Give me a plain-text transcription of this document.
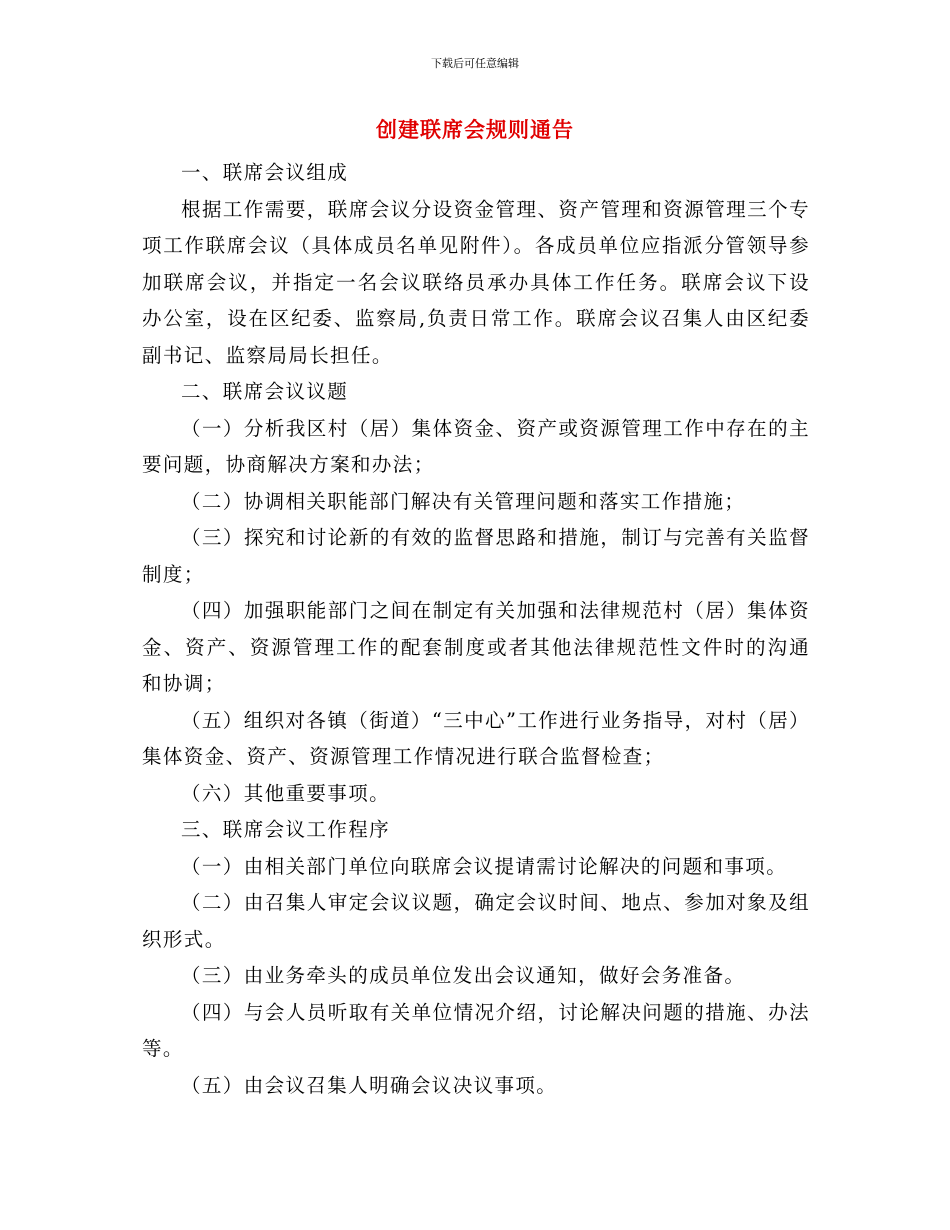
下载后可任意编辑
创建联席会规则通告

一、联席会议组成

根据工作需要，联席会议分设资金管理、资产管理和资源管理三个专项工作联席会议（具体成员名单见附件）。各成员单位应指派分管领导参加联席会议，并指定一名会议联络员承办具体工作任务。联席会议下设办公室，设在区纪委、监察局,负责日常工作。联席会议召集人由区纪委副书记、监察局局长担任。

二、联席会议议题

（一）分析我区村（居）集体资金、资产或资源管理工作中存在的主要问题，协商解决方案和办法；

（二）协调相关职能部门解决有关管理问题和落实工作措施；

（三）探究和讨论新的有效的监督思路和措施，制订与完善有关监督制度；

（四）加强职能部门之间在制定有关加强和法律规范村（居）集体资金、资产、资源管理工作的配套制度或者其他法律规范性文件时的沟通和协调；

（五）组织对各镇（街道）“三中心”工作进行业务指导，对村（居）集体资金、资产、资源管理工作情况进行联合监督检查；

（六）其他重要事项。

三、联席会议工作程序

（一）由相关部门单位向联席会议提请需讨论解决的问题和事项。

（二）由召集人审定会议议题，确定会议时间、地点、参加对象及组织形式。

（三）由业务牵头的成员单位发出会议通知，做好会务准备。

（四）与会人员听取有关单位情况介绍，讨论解决问题的措施、办法等。

（五）由会议召集人明确会议决议事项。
